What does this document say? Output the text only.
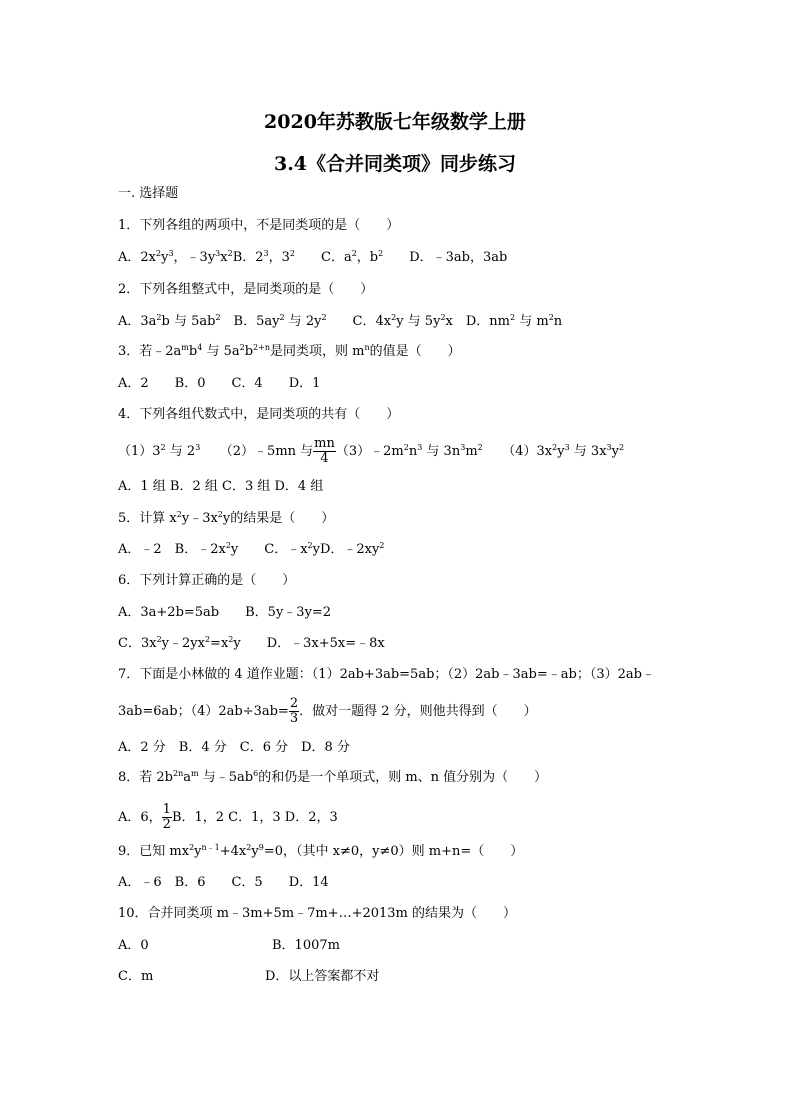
2020年苏教版七年级数学上册
3.4《合并同类项》同步练习
一. 选择题
1．下列各组的两项中，不是同类项的是（　　）
A．$2x^2y^3$，$﹣3y^3x^2B$．$2^3$，$3^2$　　C．$a^2$，$b^2$　　D．﹣3ab，3ab
2．下列各组整式中，是同类项的是（　　）
A．$3a^2b$ 与 $5ab^2$　B．$5ay^2$ 与 $2y^2$　　C．$4x^2y$ 与 $5y^2x$　D．$nm^2$ 与 $m^2n$
3．若$﹣2a^mb^4$ 与 $5a^2b^{2+n}$是同类项，则 $m^n$的值是（　　）
A．2　　B．0　　C．4　　D．1
4．下列各组代数式中，是同类项的共有（　　）
$(1)3^2$ 与 $2^3$　　（2）﹣5mn 与 $\frac{mn}{4}$ $(3)﹣2m^2n^3$ 与 $3n^3m^2$　　$(4)3x^2y^3$ 与 $3x^3y^2$
A．1 组 B．2 组 C．3 组 D．4 组
5．计算 $x^2y﹣3x^2y$的结果是（　　）
A．﹣2　B．$﹣2x^2y$　　C．$﹣x^2yD$．$﹣2xy^2$
6．下列计算正确的是（　　）
A．3a+2b=5ab　　B．5y﹣3y=2
C．$3x^2y﹣2yx^2=x^2y$　　D．﹣3x+5x=﹣8x
7．下面是小林做的 4 道作业题：（1）2ab+3ab=5ab；（2）2ab﹣3ab=﹣ab；（3）2ab﹣
3ab=6ab；$(4)2ab\div 3ab= \frac{2}{3}$ ．做对一题得 2 分，则他共得到（　　）
A．2 分　B．4 分　C．6 分　D．8 分
8．若 $2b^{2n}a^m$ 与$﹣5ab^6$的和仍是一个单项式，则 m、n 值分别为（　　）
A．6， $\frac{1}{2}$ B．1，2 C．1，3 D．2，3
9．已知 $mx^2y^{n﹣1}+4x^2y^9=0$，（其中 x≠0，y≠0）则 m+n=（　　）
A．﹣6　B．6　　C．5　　D．14
10．合并同类项 m﹣3m+5m﹣7m+…+2013m 的结果为（　　）
A．0	B．1007m
C．m	D．以上答案都不对
